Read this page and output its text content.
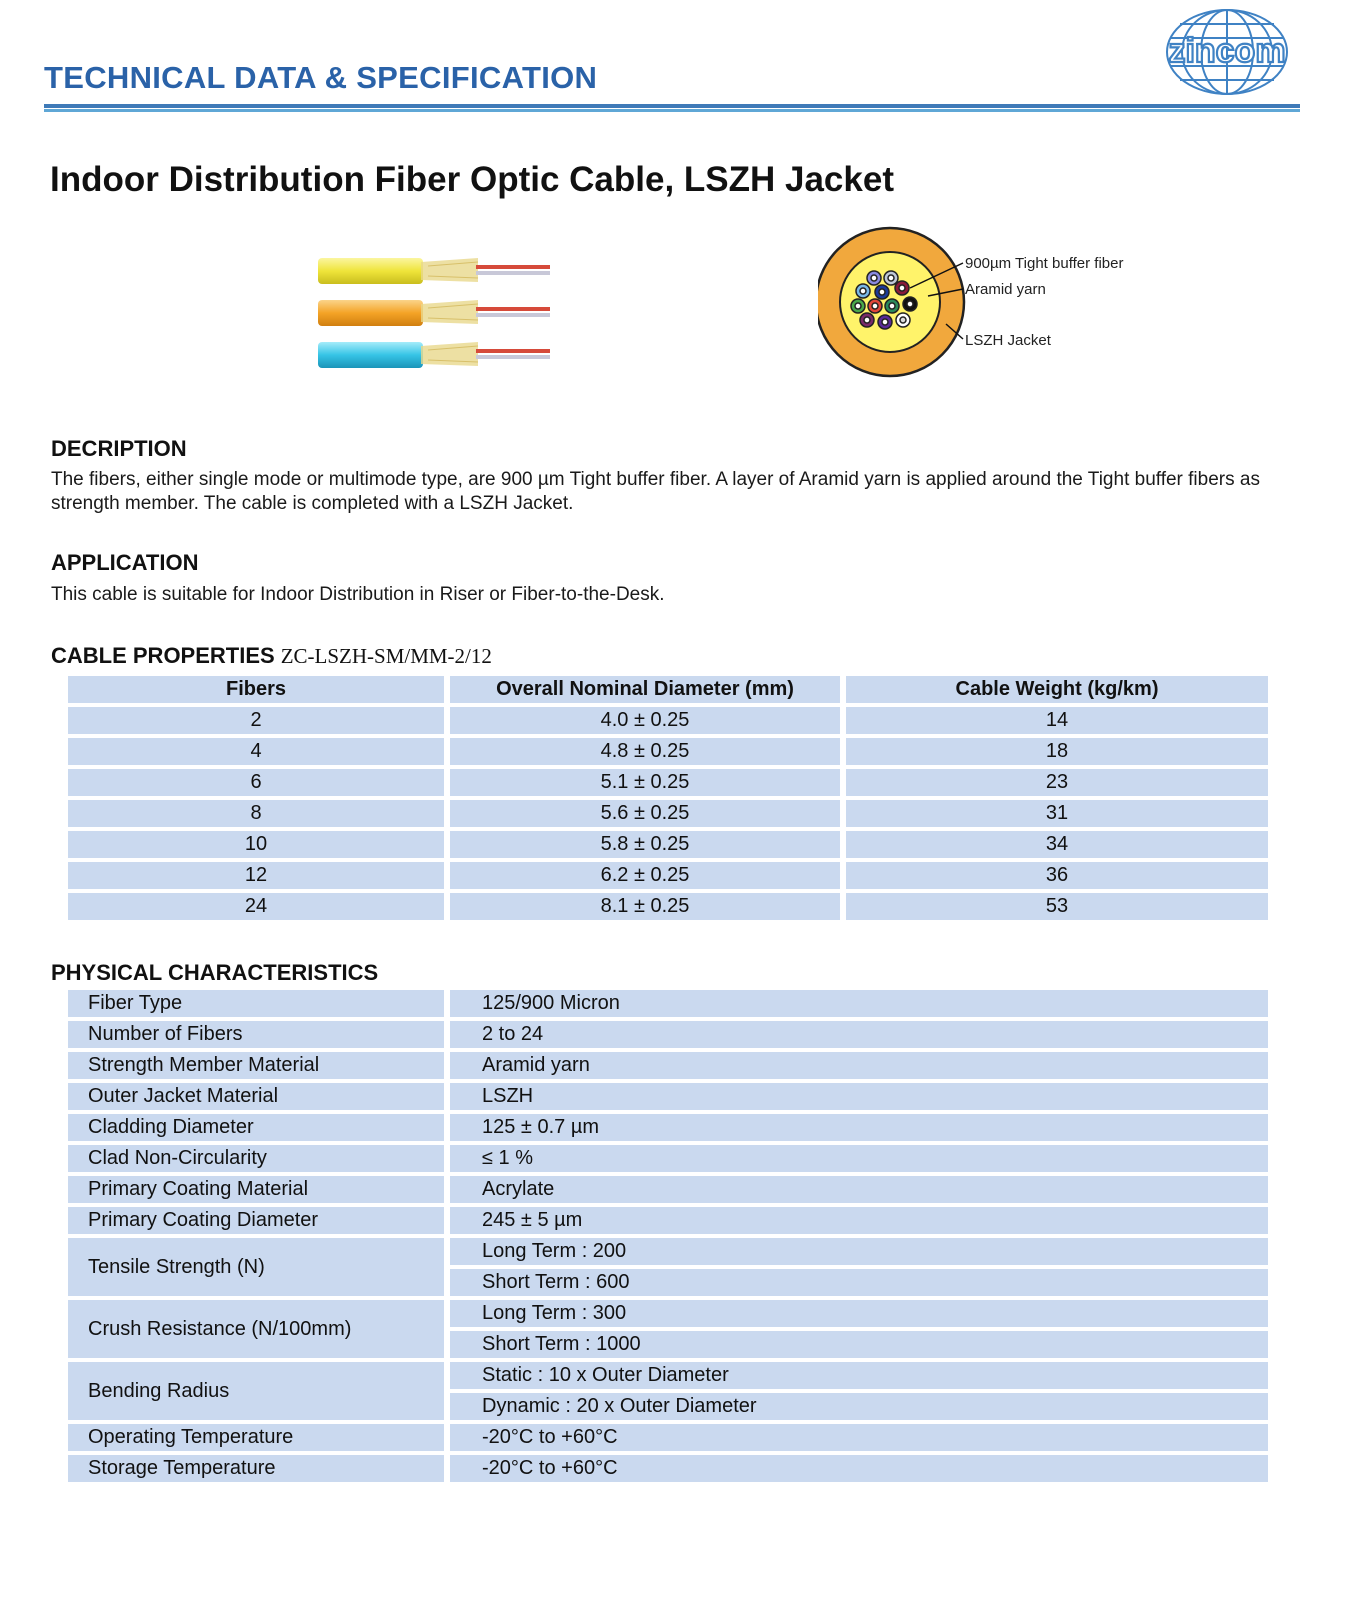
TECHNICAL DATA & SPECIFICATION
zincom
Indoor Distribution Fiber Optic Cable, LSZH Jacket
900µm Tight buffer fiber
Aramid yarn
LSZH Jacket
DECRIPTION
The fibers, either single mode or multimode type, are 900 µm Tight buffer fiber. A layer of Aramid yarn is applied around the Tight buffer fibers as strength member. The cable is completed with a LSZH Jacket.
APPLICATION
This cable is suitable for Indoor Distribution in Riser or Fiber-to-the-Desk.
CABLE PROPERTIES ZC-LSZH-SM/MM-2/12
Fibers	Overall Nominal Diameter (mm)	Cable Weight (kg/km)
2	4.0 ± 0.25	14
4	4.8 ± 0.25	18
6	5.1 ± 0.25	23
8	5.6 ± 0.25	31
10	5.8 ± 0.25	34
12	6.2 ± 0.25	36
24	8.1 ± 0.25	53
PHYSICAL CHARACTERISTICS
Fiber Type	125/900 Micron
Number of Fibers	2 to 24
Strength Member Material	Aramid yarn
Outer Jacket Material	LSZH
Cladding Diameter	125 ± 0.7 µm
Clad Non-Circularity	≤ 1 %
Primary Coating Material	Acrylate
Primary Coating Diameter	245 ± 5 µm
Tensile Strength (N)	Long Term : 200
	Short Term : 600
Crush Resistance (N/100mm)	Long Term : 300
	Short Term : 1000
Bending Radius	Static : 10 x Outer Diameter
	Dynamic : 20 x Outer Diameter
Operating Temperature	-20°C to +60°C
Storage Temperature	-20°C to +60°C
